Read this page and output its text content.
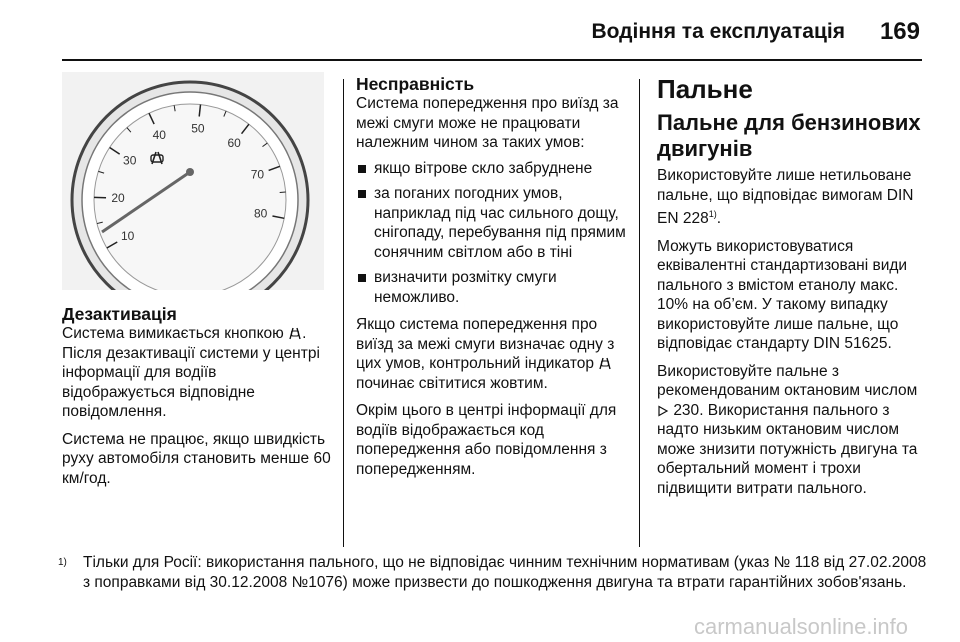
Водіння та експлуатація 169
10
20
30
40 50
60
70
80
Дезактивація

Система вимикається кнопкою . Після дезактивації системи у центрі інформації для водіїв відображується відповідне повідомлення.

Система не працює, якщо швидкість руху автомобіля становить менше 60 км/год.

Несправність

Система попередження про виїзд за межі смуги може не працювати належним чином за таких умов:

якщо вітрове скло забруднене
за поганих погодних умов, наприклад під час сильного дощу, снігопаду, перебування під прямим сонячним світлом або в тіні
визначити розмітку смуги неможливо.

Якщо система попередження про виїзд за межі смуги визначає одну з цих умов, контрольний індикатор  починає світитися жовтим.

Окрім цього в центрі інформації для водіїв відображається код попередження або повідомлення з попередженням.

Пальне
Пальне для бензинових двигунів

Використовуйте лише нетильоване пальне, що відповідає вимогам DIN EN 228$^{1)}$.

Можуть використовуватися еквівалентні стандартизовані види пального з вмістом етанолу макс. 10% на об’єм. У такому випадку використовуйте лише пальне, що відповідає стандарту DIN 51625.

Використовуйте пальне з рекомендованим октановим числом  230. Використання пального з надто низьким октановим числом може знизити потужність двигуна та обертальний момент і трохи підвищити витрати пального.

1) Тільки для Росії: використання пального, що не відповідає чинним технічним нормативам (указ № 118 від 27.02.2008 з поправками від 30.12.2008 №1076) може призвести до пошкодження двигуна та втрати гарантійних зобов'язань.
carmanualsonline.info
